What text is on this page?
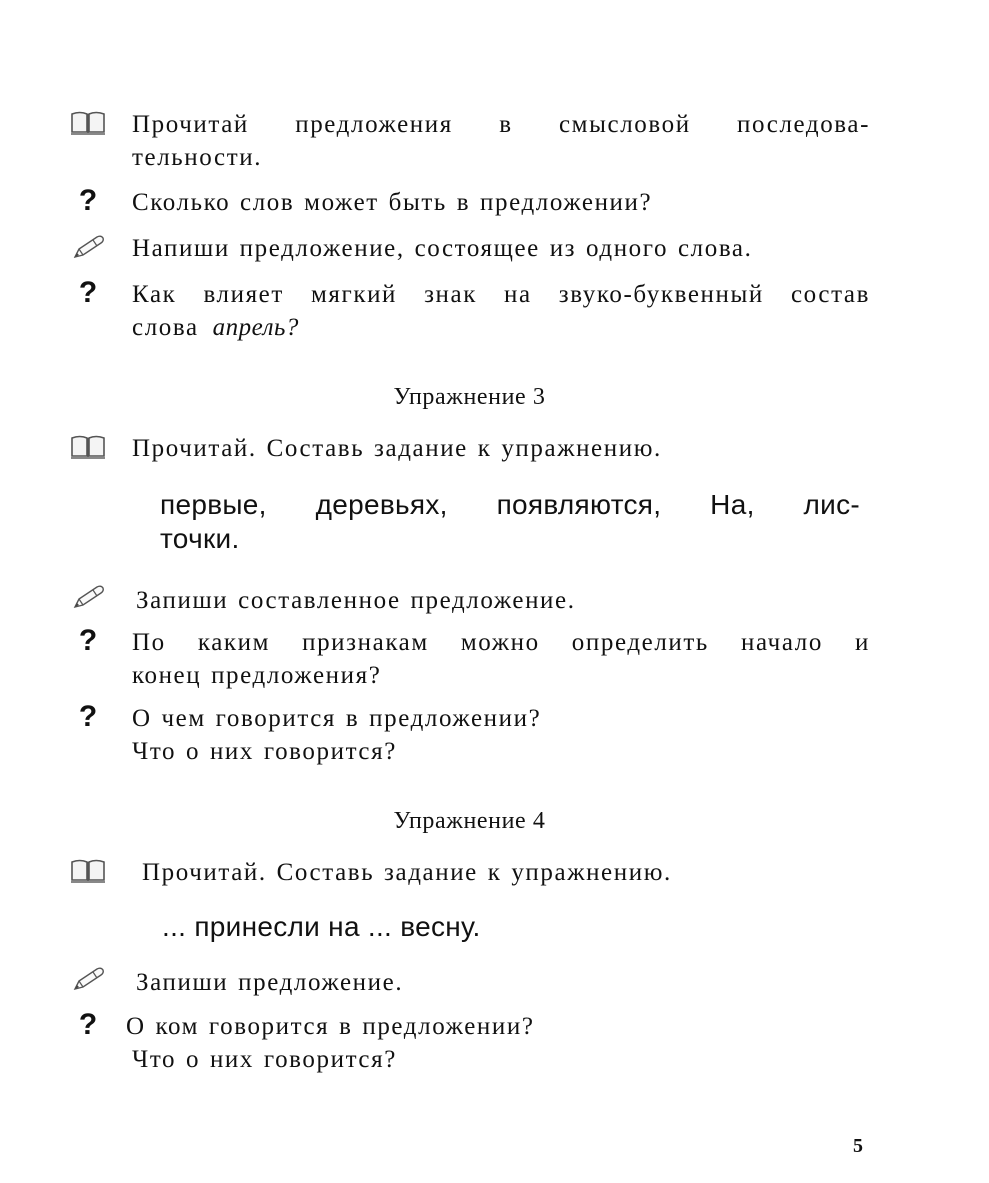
Прочитай предложения в смысловой последова-
тельности.
? Сколько слов может быть в предложении?
Напиши предложение, состоящее из одного слова.
? Как влияет мягкий знак на звуко-буквенный состав
слова апрель?
Упражнение 3
Прочитай. Составь задание к упражнению.
первые, деревьях, появляются, На, лис-
точки.
Запиши составленное предложение.
? По каким признакам можно определить начало и
конец предложения?
? О чем говорится в предложении?
Что о них говорится?
Упражнение 4
Прочитай. Составь задание к упражнению.
... принесли на ... весну.
Запиши предложение.
? О ком говорится в предложении?
Что о них говорится?
5
